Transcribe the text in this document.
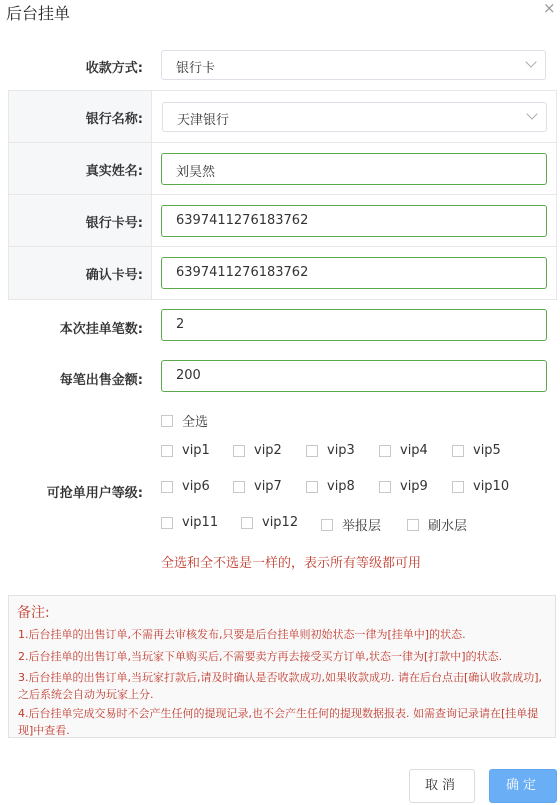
后台挂单	×
收款方式:	银行卡
银行名称:	天津银行
真实姓名:	刘昊然
银行卡号:	6397411276183762
确认卡号:	6397411276183762
本次挂单笔数:	2
每笔出售金额:	200
可抢单用户等级:
全选
vip1	vip2	vip3	vip4	vip5
vip6	vip7	vip8	vip9	vip10
vip11	vip12	举报层	刷水层
全选和全不选是一样的，表示所有等级都可用
备注:
1.后台挂单的出售订单,不需再去审核发布,只要是后台挂单则初始状态一律为[挂单中]的状态.
2.后台挂单的出售订单,当玩家下单购买后,不需要卖方再去接受买方订单,状态一律为[打款中]的状态.
3.后台挂单的出售订单,当玩家打款后,请及时确认是否收款成功,如果收款成功. 请在后台点击[确认收款成功],之后系统会自动为玩家上分.
4.后台挂单完成交易时不会产生任何的提现记录,也不会产生任何的提现数据报表. 如需查询记录请在[挂单提现]中查看.
取消	确定
